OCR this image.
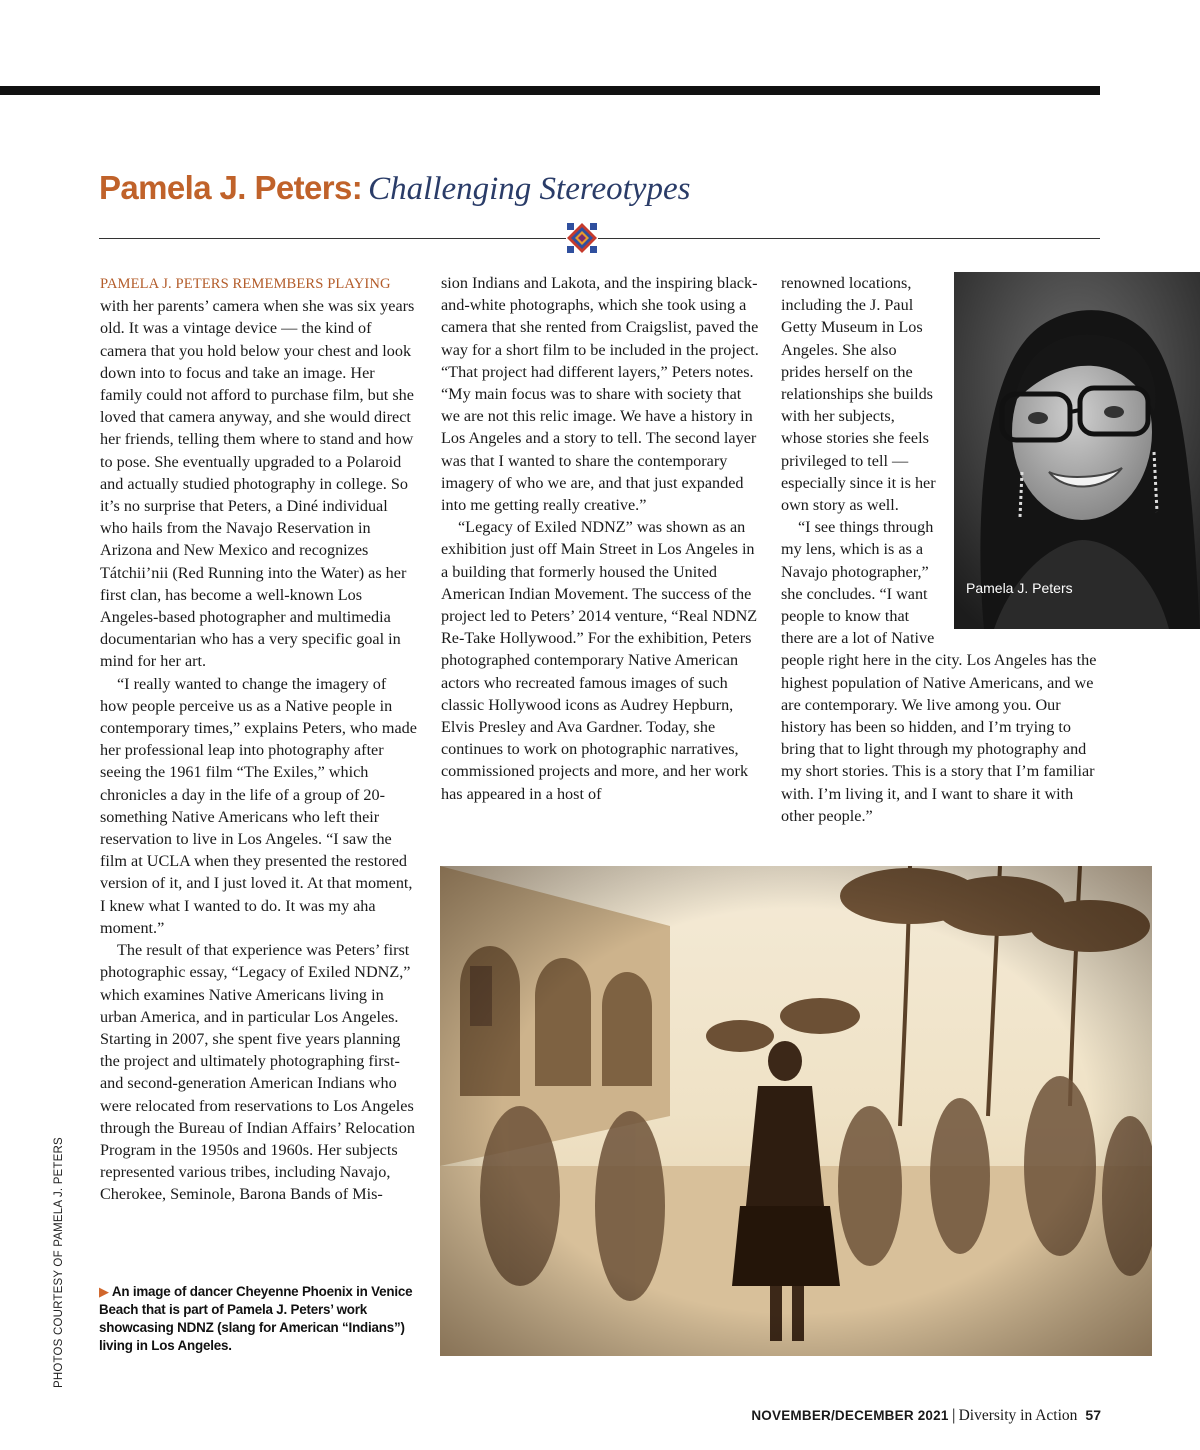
Pamela J. Peters: Challenging Stereotypes

PAMELA J. PETERS REMEMBERS PLAYING with her parents’ camera when she was six years old. It was a vintage device — the kind of camera that you hold below your chest and look down into to focus and take an image. Her family could not afford to purchase film, but she loved that camera anyway, and she would direct her friends, telling them where to stand and how to pose. She eventually upgraded to a Polaroid and actually studied photography in college. So it’s no surprise that Peters, a Diné individual who hails from the Navajo Reservation in Arizona and New Mexico and recognizes Tátchii’nii (Red Running into the Water) as her first clan, has become a well-known Los Angeles-based photographer and multimedia documentarian who has a very specific goal in mind for her art.

“I really wanted to change the imagery of how people perceive us as a Native people in contemporary times,” explains Peters, who made her professional leap into photography after seeing the 1961 film “The Exiles,” which chronicles a day in the life of a group of 20-something Native Americans who left their reservation to live in Los Angeles. “I saw the film at UCLA when they presented the restored version of it, and I just loved it. At that moment, I knew what I wanted to do. It was my aha moment.”

The result of that experience was Peters’ first photographic essay, “Legacy of Exiled NDNZ,” which examines Native Americans living in urban America, and in particular Los Angeles. Starting in 2007, she spent five years planning the project and ultimately photographing first- and second-generation American Indians who were relocated from reservations to Los Angeles through the Bureau of Indian Affairs’ Relocation Program in the 1950s and 1960s. Her subjects represented various tribes, including Navajo, Cherokee, Seminole, Barona Bands of Mis-

sion Indians and Lakota, and the inspiring black-and-white photographs, which she took using a camera that she rented from Craigslist, paved the way for a short film to be included in the project. “That project had different layers,” Peters notes. “My main focus was to share with society that we are not this relic image. We have a history in Los Angeles and a story to tell. The second layer was that I wanted to share the contemporary imagery of who we are, and that just expanded into me getting really creative.”

“Legacy of Exiled NDNZ” was shown as an exhibition just off Main Street in Los Angeles in a building that formerly housed the United American Indian Movement. The success of the project led to Peters’ 2014 venture, “Real NDNZ Re-Take Hollywood.” For the exhibition, Peters photographed contemporary Native American actors who recreated famous images of such classic Hollywood icons as Audrey Hepburn, Elvis Presley and Ava Gardner. Today, she continues to work on photographic narratives, commissioned projects and more, and her work has appeared in a host of

renowned locations, including the J. Paul Getty Museum in Los Angeles. She also prides herself on the relationships she builds with her subjects, whose stories she feels privileged to tell — especially since it is her own story as well.

“I see things through my lens, which is as a Navajo photographer,” she concludes. “I want people to know that there are a lot of Native people right here in the city. Los Angeles has the highest population of Native Americans, and we are contemporary. We live among you. Our history has been so hidden, and I’m trying to bring that to light through my photography and my short stories. This is a story that I’m familiar with. I’m living it, and I want to share it with other people.”

Pamela J. Peters
PHOTOS COURTESY OF PAMELA J. PETERS	▶ An image of dancer Cheyenne Phoenix in Venice Beach that is part of Pamela J. Peters’ work showcasing NDNZ (slang for American “Indians”) living in Los Angeles.
NOVEMBER/DECEMBER 2021 | Diversity in Action 57
